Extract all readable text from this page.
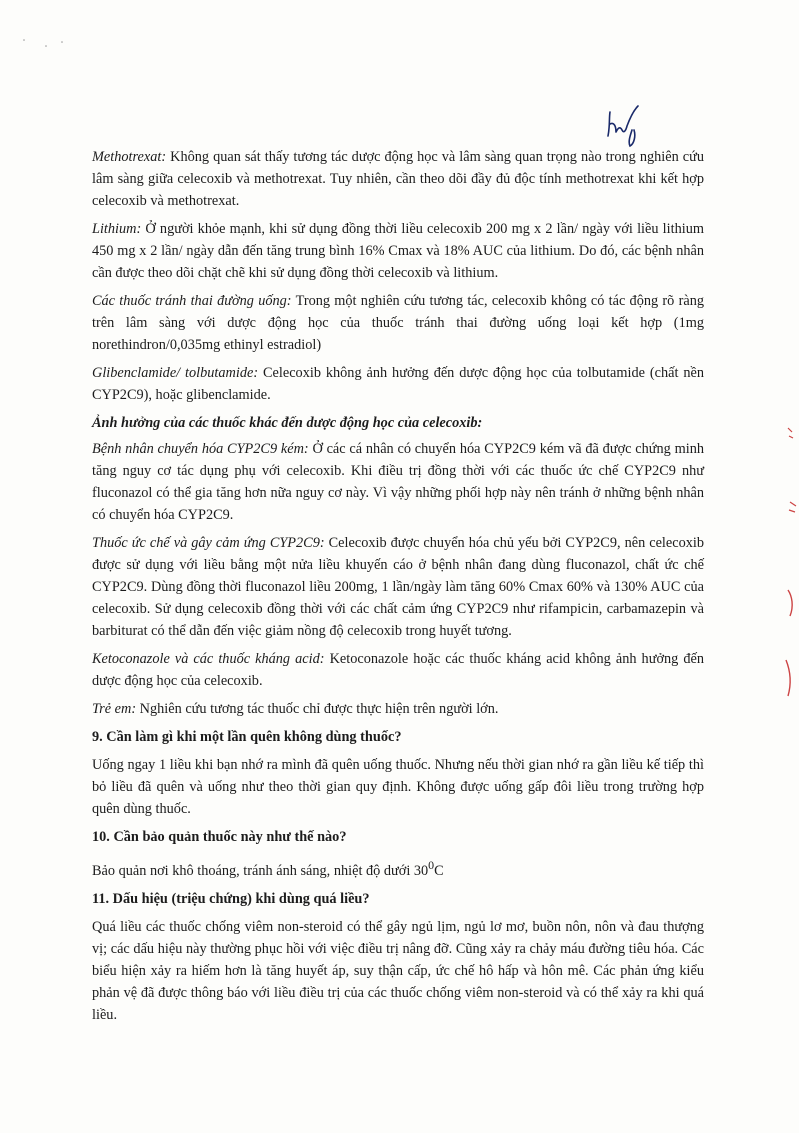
Methotrexat: Không quan sát thấy tương tác dược động học và lâm sàng quan trọng nào trong nghiên cứu lâm sàng giữa celecoxib và methotrexat. Tuy nhiên, cần theo dõi đầy đủ độc tính methotrexat khi kết hợp celecoxib và methotrexat.

Lithium: Ở người khỏe mạnh, khi sử dụng đồng thời liều celecoxib 200 mg x 2 lần/ ngày với liều lithium 450 mg x 2 lần/ ngày dẫn đến tăng trung bình 16% Cmax và 18% AUC của lithium. Do đó, các bệnh nhân cần được theo dõi chặt chẽ khi sử dụng đồng thời celecoxib và lithium.

Các thuốc tránh thai đường uống: Trong một nghiên cứu tương tác, celecoxib không có tác động rõ ràng trên lâm sàng với dược động học của thuốc tránh thai đường uống loại kết hợp (1mg norethindron/0,035mg ethinyl estradiol)

Glibenclamide/ tolbutamide: Celecoxib không ảnh hưởng đến dược động học của tolbutamide (chất nền CYP2C9), hoặc glibenclamide.

Ảnh hưởng của các thuốc khác đến dược động học của celecoxib:

Bệnh nhân chuyển hóa CYP2C9 kém: Ở các cá nhân có chuyển hóa CYP2C9 kém vã đã được chứng minh tăng nguy cơ tác dụng phụ với celecoxib. Khi điều trị đồng thời với các thuốc ức chế CYP2C9 như fluconazol có thể gia tăng hơn nữa nguy cơ này. Vì vậy những phối hợp này nên tránh ở những bệnh nhân có chuyển hóa CYP2C9.

Thuốc ức chế và gây cảm ứng CYP2C9: Celecoxib được chuyển hóa chủ yếu bởi CYP2C9, nên celecoxib được sử dụng với liều bằng một nửa liều khuyến cáo ở bệnh nhân đang dùng fluconazol, chất ức chế CYP2C9. Dùng đồng thời fluconazol liều 200mg, 1 lần/ngày làm tăng 60% Cmax 60% và 130% AUC của celecoxib. Sử dụng celecoxib đồng thời với các chất cảm ứng CYP2C9 như rifampicin, carbamazepin và barbiturat có thể dẫn đến việc giảm nồng độ celecoxib trong huyết tương.

Ketoconazole và các thuốc kháng acid: Ketoconazole hoặc các thuốc kháng acid không ảnh hưởng đến dược động học của celecoxib.

Trẻ em: Nghiên cứu tương tác thuốc chỉ được thực hiện trên người lớn.

9. Cần làm gì khi một lần quên không dùng thuốc?

Uống ngay 1 liều khi bạn nhớ ra mình đã quên uống thuốc. Nhưng nếu thời gian nhớ ra gần liều kế tiếp thì bỏ liều đã quên và uống như theo thời gian quy định. Không được uống gấp đôi liều trong trường hợp quên dùng thuốc.

10. Cần bảo quản thuốc này như thế nào?

Bảo quản nơi khô thoáng, tránh ánh sáng, nhiệt độ dưới $30^0C$

11. Dấu hiệu (triệu chứng) khi dùng quá liều?

Quá liều các thuốc chống viêm non-steroid có thể gây ngủ lịm, ngủ lơ mơ, buồn nôn, nôn và đau thượng vị; các dấu hiệu này thường phục hồi với việc điều trị nâng đỡ. Cũng xảy ra chảy máu đường tiêu hóa. Các biểu hiện xảy ra hiếm hơn là tăng huyết áp, suy thận cấp, ức chế hô hấp và hôn mê. Các phản ứng kiểu phản vệ đã được thông báo với liều điều trị của các thuốc chống viêm non-steroid và có thể xảy ra khi quá liều.
